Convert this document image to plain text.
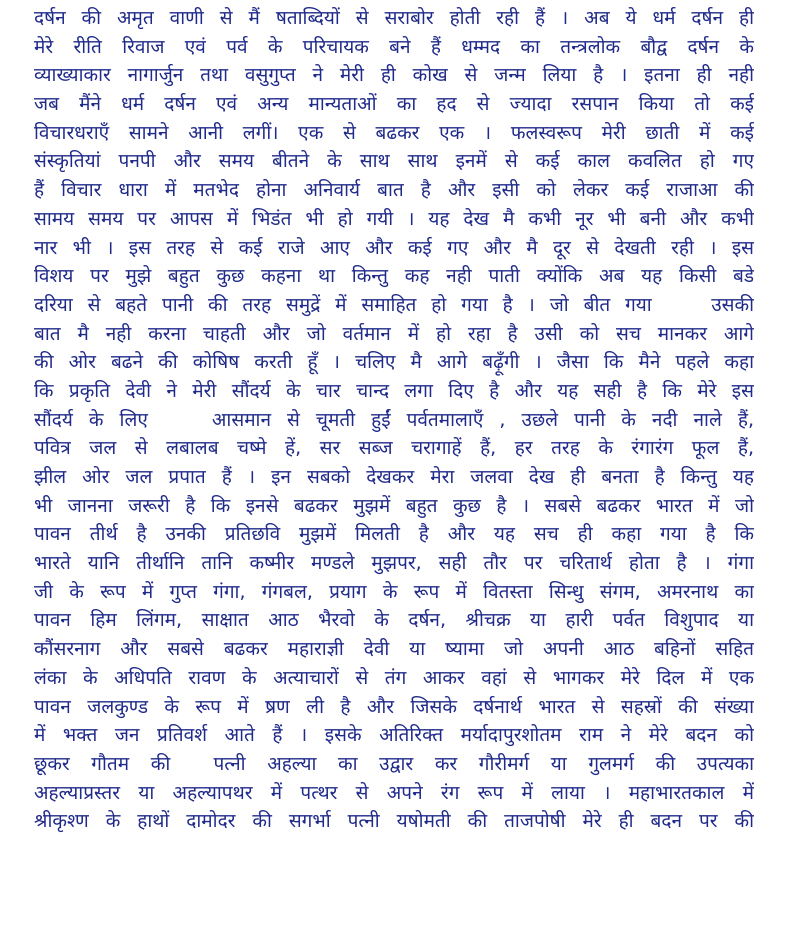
दर्षन की अमृत वाणी से मैं षताब्दियों से सराबोर होती रही हैं । अब ये धर्म दर्षन ही
मेरे रीति रिवाज एवं पर्व के परिचायक बने हैं धम्मद का तन्त्रलोक बौद्व दर्षन के
व्याख्याकार नागार्जुन तथा वसुगुप्त ने मेरी ही कोख से जन्म लिया है । इतना ही नही
जब मैंने धर्म दर्षन एवं अन्य मान्यताओं का हद से ज्यादा रसपान किया तो कई
विचारधराएँ सामने आनी लगीं। एक से बढकर एक । फलस्वरूप मेरी छाती में कई
संस्कृतियां पनपी और समय बीतने के साथ साथ इनमें से कई काल कवलित हो गए
हैं विचार धारा में मतभेद होना अनिवार्य बात है और इसी को लेकर कई राजाआ की
सामय समय पर आपस में भिडंत भी हो गयी । यह देख मै कभी नूर भी बनी और कभी
नार भी । इस तरह से कई राजे आए और कई गए और मै दूर से देखती रही । इस
विशय पर मुझे बहुत कुछ कहना था किन्तु कह नही पाती क्योंकि अब यह किसी बडे
दरिया से बहते पानी की तरह समुद्रें में समाहित हो गया है । जो बीत गया    उसकी
बात मै नही करना चाहती और जो वर्तमान में हो रहा है उसी को सच मानकर आगे
की ओर बढने की कोषिष करती हूँ । चलिए मै आगे बढ़ूँगी । जैसा कि मैने पहले कहा
कि प्रकृति देवी ने मेरी सौंदर्य के चार चान्द लगा दिए है और यह सही है कि मेरे इस
सौंदर्य के लिए    आसमान से चूमती हुईं पर्वतमालाएँ , उछले पानी के नदी नाले हैं,
पवित्र जल से लबालब चष्मे हें, सर सब्ज चरागाहें हैं, हर तरह के रंगारंग फूल हैं,
झील ओर जल प्रपात हैं । इन सबको देखकर मेरा जलवा देख ही बनता है किन्तु यह
भी जानना जरूरी है कि इनसे बढकर मुझमें बहुत कुछ है । सबसे बढकर भारत में जो
पावन तीर्थ है उनकी प्रतिछवि मुझमें मिलती है और यह सच ही कहा गया है कि
भारते यानि तीर्थानि तानि कष्मीर मण्डले मुझपर, सही तौर पर चरितार्थ होता है । गंगा
जी के रूप में गुप्त गंगा, गंगबल, प्रयाग के रूप में वितस्ता सिन्धु संगम, अमरनाथ का
पावन हिम लिंगम, साक्षात आठ भैरवो के दर्षन, श्रीचक्र या हारी पर्वत विशुपाद या
कौंसरनाग और सबसे बढकर महाराज्ञी देवी या ष्यामा जो अपनी आठ बहिनों सहित
लंका के अधिपति रावण के अत्याचारों से तंग आकर वहां से भागकर मेरे दिल में एक
पावन जलकुण्ड के रूप में ष्रण ली है और जिसके दर्षनार्थ भारत से सहस्रों की संख्या
में भक्त जन प्रतिवर्श आते हैं । इसके अतिरिक्त मर्यादापुरशोतम राम ने मेरे बदन को
छूकर गौतम की  पत्नी अहल्या का उद्वार कर गौरीमर्ग या गुलमर्ग की उपत्यका
अहल्याप्रस्तर या अहल्यापथर में पत्थर से अपने रंग रूप में लाया । महाभारतकाल में
श्रीकृश्ण के हाथों दामोदर की सगर्भा पत्नी यषोमती की ताजपोषी मेरे ही बदन पर की
